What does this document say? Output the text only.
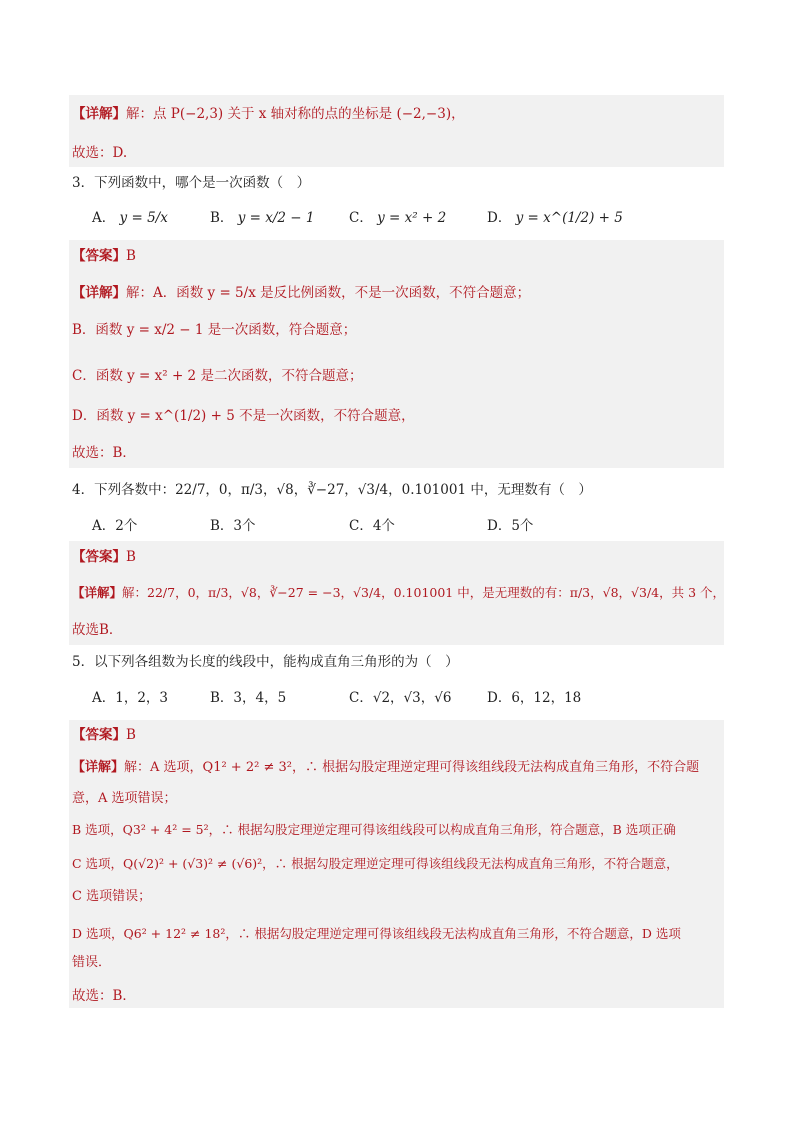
【详解】解：点 P(−2,3) 关于 x 轴对称的点的坐标是 (−2,−3)，
故选：D.
3．下列函数中，哪个是一次函数（　）
A． y = 5/x	B． y = x/2 − 1	C． y = x² + 2	D． y = x^(1/2) + 5
【答案】B
【详解】解：A．函数 y = 5/x 是反比例函数，不是一次函数，不符合题意；
B．函数 y = x/2 − 1 是一次函数，符合题意；
C．函数 y = x² + 2 是二次函数，不符合题意；
D．函数 y = x^(1/2) + 5 不是一次函数，不符合题意，
故选：B．
4．下列各数中：22/7，0，π/3，√8，∛−27，√3/4，0.101001 中，无理数有（　）
A．2个	B．3个	C．4个	D．5个
【答案】B
【详解】解：22/7，0，π/3，√8，∛−27 = −3，√3/4，0.101001 中，是无理数的有：π/3，√8，√3/4，共 3 个，
故选B．
5．以下列各组数为长度的线段中，能构成直角三角形的为（　）
A．1，2，3	B．3，4，5	C．√2，√3，√6	D．6，12，18
【答案】B
【详解】解：A 选项，Q1² + 2² ≠ 3²，∴ 根据勾股定理逆定理可得该组线段无法构成直角三角形，不符合题
意，A 选项错误；
B 选项，Q3² + 4² = 5²，∴ 根据勾股定理逆定理可得该组线段可以构成直角三角形，符合题意，B 选项正确
C 选项，Q(√2)² + (√3)² ≠ (√6)²，∴ 根据勾股定理逆定理可得该组线段无法构成直角三角形，不符合题意，
C 选项错误；
D 选项，Q6² + 12² ≠ 18²，∴ 根据勾股定理逆定理可得该组线段无法构成直角三角形，不符合题意，D 选项
错误．
故选：B．
